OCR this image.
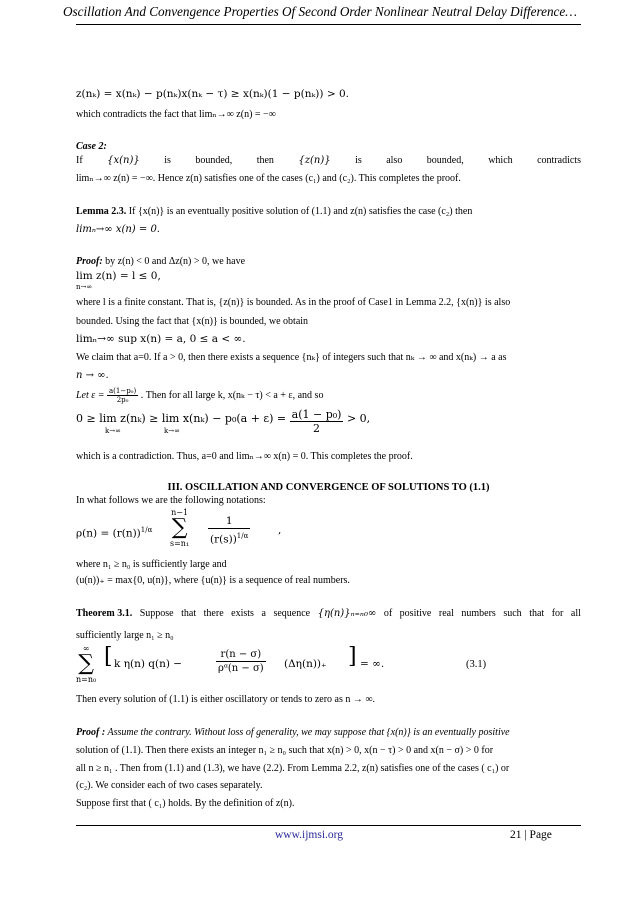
Oscillation And Convengence Properties Of Second Order Nonlinear Neutral Delay Difference…
z(nₖ) = x(nₖ) − p(nₖ)x(nₖ − τ) ≥ x(nₖ)(1 − p(nₖ)) > 0.
which contradicts the fact that limₙ→∞ z(n) = −∞
Case 2:
If {x(n)} is bounded, then {z(n)} is also bounded, which contradicts
limₙ→∞ z(n) = −∞. Hence z(n) satisfies one of the cases (c₁) and (c₂). This completes the proof.
Lemma 2.3. If {x(n)} is an eventually positive solution of (1.1) and z(n) satisfies the case (c₂) then
limₙ→∞ x(n) = 0.
Proof: by z(n) < 0 and Δz(n) > 0, we have
lim z(n) = l ≤ 0,
n→∞
where l is a finite constant. That is, {z(n)} is bounded. As in the proof of Case1 in Lemma 2.2, {x(n)} is also
bounded. Using the fact that {x(n)} is bounded, we obtain
limₙ→∞ sup x(n) = a, 0 ≤ a < ∞.
We claim that a=0. If a > 0, then there exists a sequence {nₖ} of integers such that nₖ → ∞ and x(nₖ) → a as
n → ∞.
Let $\varepsilon = \frac{\text{a(1−p₀)}}{\text{2p₀}}$ . Then for all large k, x(nₖ − τ) < a + ε, and so
$0 \ge \lim z(n_k) \ge \lim x(n_k) - p_0(a + \varepsilon) = \frac{\text{a(1 − p₀)}}{2} > 0$,
k→∞	k→∞
which is a contradiction. Thus, a=0 and limₙ→∞ x(n) = 0. This completes the proof.
III. OSCILLATION AND CONVERGENCE OF SOLUTIONS TO (1.1)
In what follows we are the following notations:
$\rho(n) = (r(n))^{1/\alpha}$
n−1
∑
$s=n_1 \frac{1}{(r(s))^{1/\alpha}}$	,
where n₁ ≥ n₀ is sufficiently large and
(u(n))₊ = max{0, u(n)}, where {u(n)} is a sequence of real numbers.
Theorem 3.1. Suppose that there exists a sequence {η(n)}ₙ₌ₙ₀∞ of positive real numbers such that for all
sufficiently large n₁ ≥ n₀
∞
∑
n=n₀
[ k η(n) q(n) −	$\frac{r(n - \sigma)}{\text{ρᵅ(n − σ)}} (\Delta\eta(n))_+$ ] = ∞.	(3.1)
Then every solution of (1.1) is either oscillatory or tends to zero as n → ∞.
Proof : Assume the contrary. Without loss of generality, we may suppose that {x(n)} is an eventually positive
solution of (1.1). Then there exists an integer n₁ ≥ n₀ such that x(n) > 0, x(n − τ) > 0 and x(n − σ) > 0 for
all n ≥ n₁ . Then from (1.1) and (1.3), we have (2.2). From Lemma 2.2, z(n) satisfies one of the cases ( c₁) or
(c₂). We consider each of two cases separately.
Suppose first that ( c₁) holds. By the definition of z(n).
www.ijmsi.org	21 | Page
